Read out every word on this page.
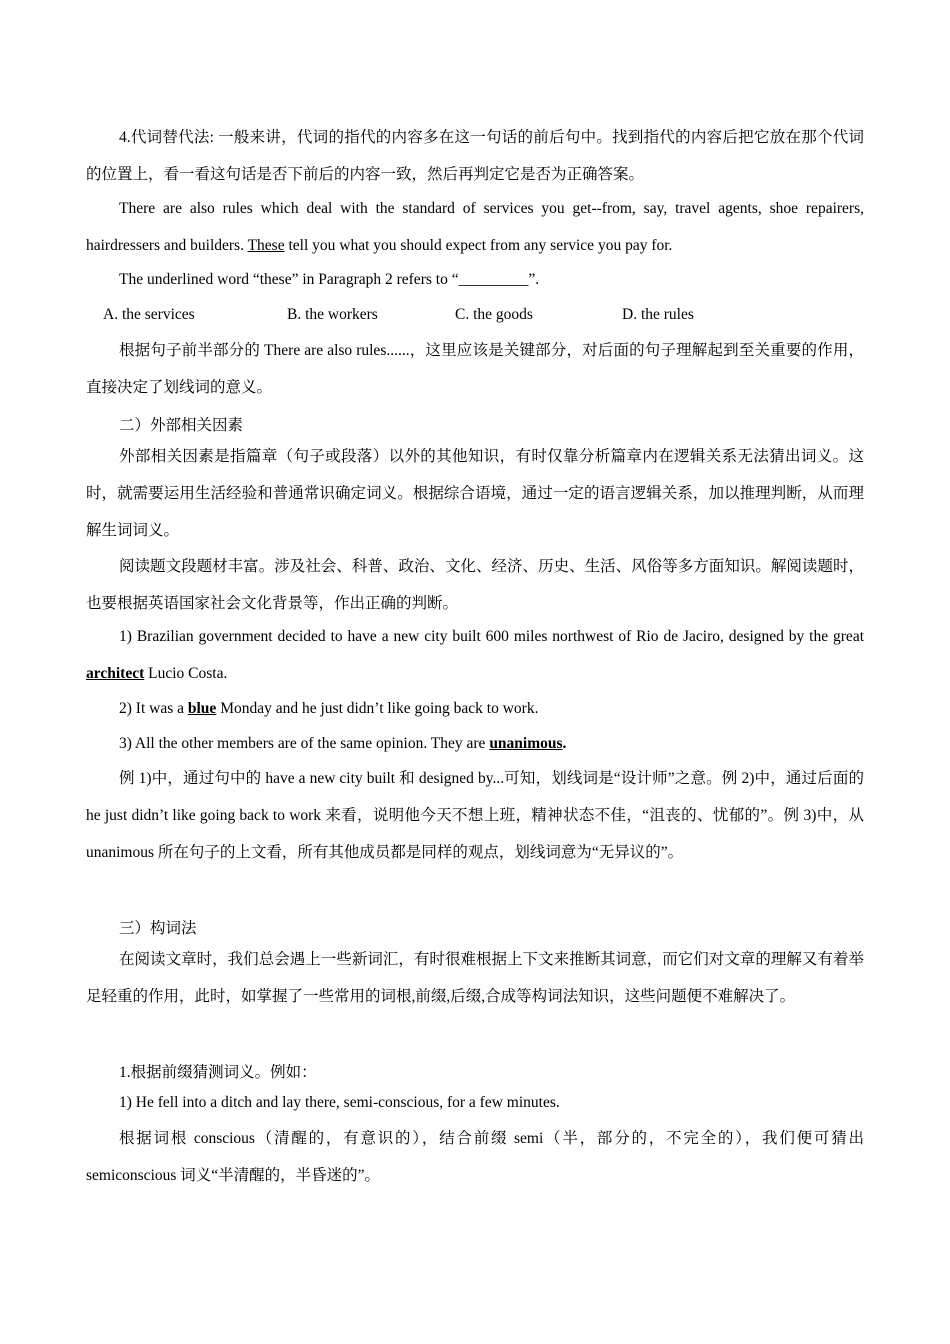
4.代词替代法: 一般来讲，代词的指代的内容多在这一句话的前后句中。找到指代的内容后把它放在那个代词的位置上，看一看这句话是否下前后的内容一致，然后再判定它是否为正确答案。
There are also rules which deal with the standard of services you get--from, say, travel agents, shoe repairers, hairdressers and builders. These tell you what you should expect from any service you pay for.
The underlined word “these” in Paragraph 2 refers to “_________”.
A. the services	B. the workers	C. the goods	D. the rules
根据句子前半部分的 There are also rules......，这里应该是关键部分，对后面的句子理解起到至关重要的作用，直接决定了划线词的意义。
二）外部相关因素
外部相关因素是指篇章（句子或段落）以外的其他知识，有时仅靠分析篇章内在逻辑关系无法猜出词义。这时，就需要运用生活经验和普通常识确定词义。根据综合语境，通过一定的语言逻辑关系，加以推理判断，从而理解生词词义。
阅读题文段题材丰富。涉及社会、科普、政治、文化、经济、历史、生活、风俗等多方面知识。解阅读题时，也要根据英语国家社会文化背景等，作出正确的判断。
1) Brazilian government decided to have a new city built 600 miles northwest of Rio de Jaciro, designed by the great architect Lucio Costa.
2) It was a blue Monday and he just didn’t like going back to work.
3) All the other members are of the same opinion. They are unanimous.
例 1)中，通过句中的 have a new city built 和 designed by...可知，划线词是“设计师”之意。例 2)中，通过后面的 he just didn’t like going back to work 来看，说明他今天不想上班，精神状态不佳，“沮丧的、忧郁的”。例 3)中，从 unanimous 所在句子的上文看，所有其他成员都是同样的观点，划线词意为“无异议的”。
三）构词法
在阅读文章时，我们总会遇上一些新词汇，有时很难根据上下文来推断其词意，而它们对文章的理解又有着举足轻重的作用，此时，如掌握了一些常用的词根,前缀,后缀,合成等构词法知识，这些问题便不难解决了。
1.根据前缀猜测词义。例如：
1) He fell into a ditch and lay there, semi-conscious, for a few minutes.
根据词根 conscious（清醒的，有意识的），结合前缀 semi（半，部分的，不完全的），我们便可猜出 semiconscious 词义“半清醒的，半昏迷的”。
